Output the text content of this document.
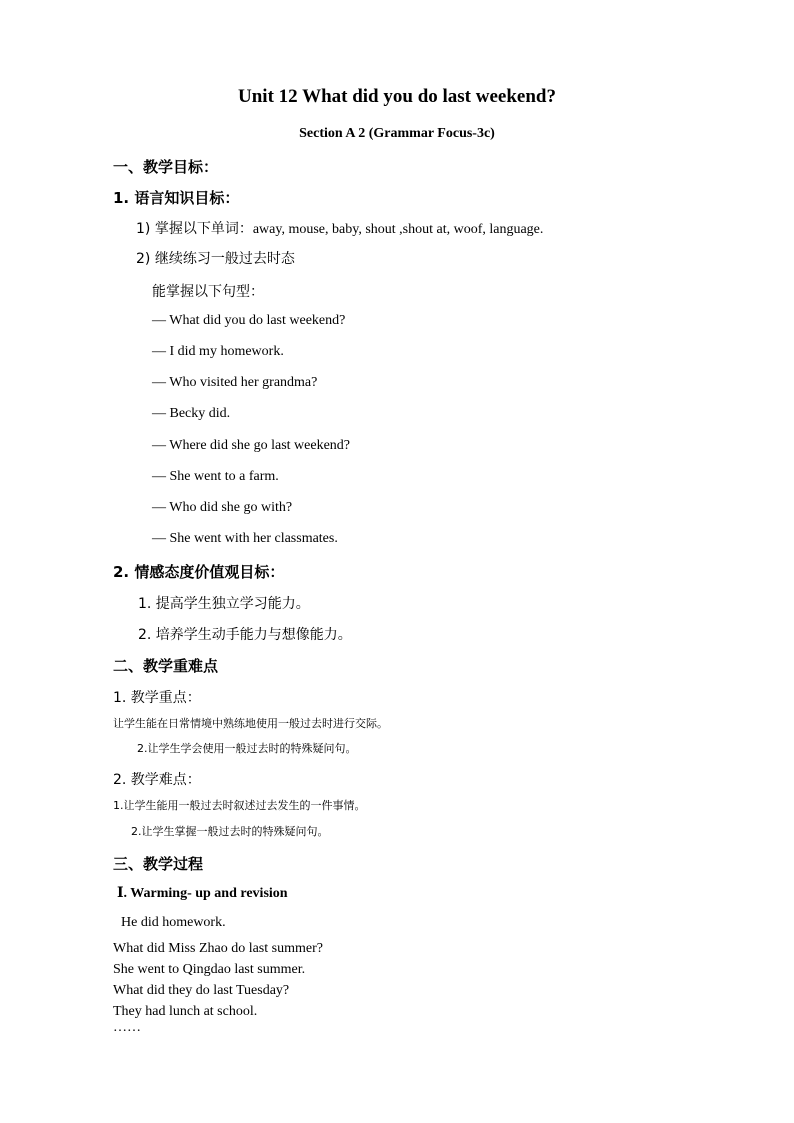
Unit 12 What did you do last weekend?
Section A 2 (Grammar Focus-3c)
一、教学目标：
1. 语言知识目标：
1) 掌握以下单词：away, mouse, baby, shout ,shout at, woof, language.
2) 继续练习一般过去时态
能掌握以下句型：
— What did you do last weekend?
— I did my homework.
— Who visited her grandma?
— Becky did.
— Where did she go last weekend?
— She went to a farm.
— Who did she go with?
— She went with her classmates.
2. 情感态度价值观目标：
1. 提高学生独立学习能力。
2. 培养学生动手能力与想像能力。
二、教学重难点
1. 教学重点：
让学生能在日常情境中熟练地使用一般过去时进行交际。
2.让学生学会使用一般过去时的特殊疑问句。
2. 教学难点：
1.让学生能用一般过去时叙述过去发生的一件事情。
2.让学生掌握一般过去时的特殊疑问句。
三、教学过程
Ⅰ. Warming- up and revision
He did homework.
What did Miss Zhao do last summer?
She went to Qingdao last summer.
What did they do last Tuesday?
They had lunch at school.
……
